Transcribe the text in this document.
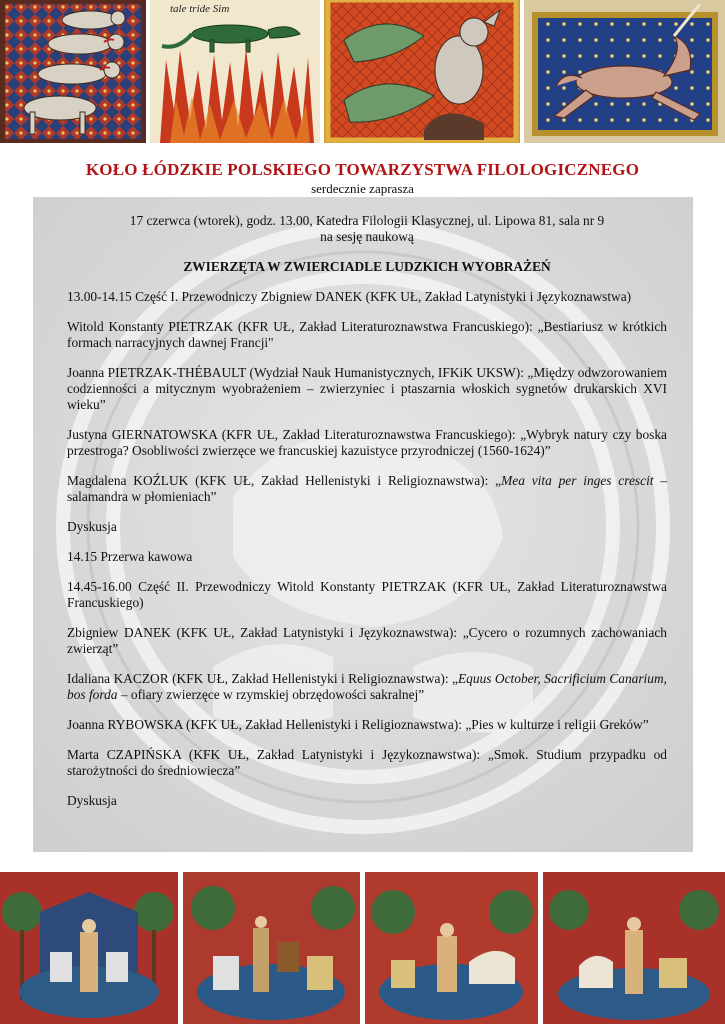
tale tride Sim
KOŁO ŁÓDZKIE POLSKIEGO TOWARZYSTWA FILOLOGICZNEGO
serdecznie zaprasza
17 czerwca (wtorek), godz. 13.00, Katedra Filologii Klasycznej, ul. Lipowa 81, sala nr 9
na sesję naukową
ZWIERZĘTA W ZWIERCIADLE LUDZKICH WYOBRAŻEŃ
13.00-14.15 Część I. Przewodniczy Zbigniew DANEK (KFK UŁ, Zakład Latynistyki i Językoznawstwa)
Witold Konstanty PIETRZAK (KFR UŁ, Zakład Literaturoznawstwa Francuskiego): „Bestiariusz w krótkich formach narracyjnych dawnej Francji"
Joanna PIETRZAK-THÉBAULT (Wydział Nauk Humanistycznych, IFKiK UKSW): „Między odwzorowaniem codzienności a mitycznym wyobrażeniem – zwierzyniec i ptaszarnia włoskich sygnetów drukarskich XVI wieku”
Justyna GIERNATOWSKA (KFR UŁ, Zakład Literaturoznawstwa Francuskiego): „Wybryk natury czy boska przestroga? Osobliwości zwierzęce we francuskiej kazuistyce przyrodniczej (1560-1624)”
Magdalena KOŹLUK (KFK UŁ, Zakład Hellenistyki i Religioznawstwa): „Mea vita per inges crescit – salamandra w płomieniach”
Dyskusja
14.15 Przerwa kawowa
14.45-16.00 Część II. Przewodniczy Witold Konstanty PIETRZAK (KFR UŁ, Zakład Literaturoznawstwa Francuskiego)
Zbigniew DANEK (KFK UŁ, Zakład Latynistyki i Językoznawstwa): „Cycero o rozumnych zachowaniach zwierząt”
Idaliana KACZOR (KFK UŁ, Zakład Hellenistyki i Religioznawstwa): „Equus October, Sacrificium Canarium, bos forda – ofiary zwierzęce w rzymskiej obrzędowości sakralnej”
Joanna RYBOWSKA (KFK UŁ, Zakład Hellenistyki i Religioznawstwa): „Pies w kulturze i religii Greków”
Marta CZAPIŃSKA (KFK UŁ, Zakład Latynistyki i Językoznawstwa): „Smok. Studium przypadku od starożytności do średniowiecza”
Dyskusja
